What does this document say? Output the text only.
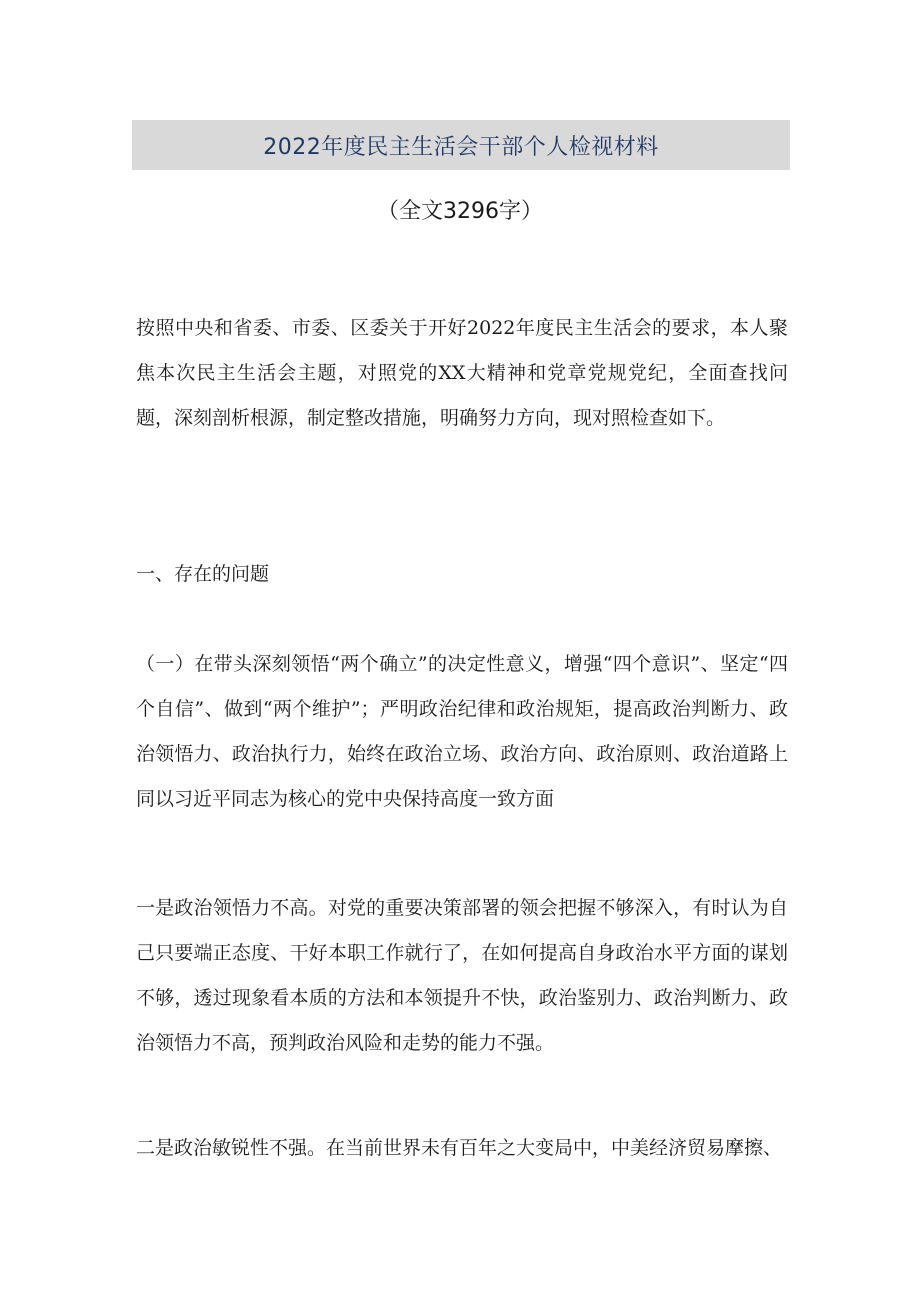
2022年度民主生活会干部个人检视材料
（全文3296字）
按照中央和省委、市委、区委关于开好2022年度民主生活会的要求，本人聚焦本次民主生活会主题，对照党的XX大精神和党章党规党纪，全面查找问题，深刻剖析根源，制定整改措施，明确努力方向，现对照检查如下。
一、存在的问题
（一）在带头深刻领悟“两个确立”的决定性意义，增强“四个意识”、坚定“四个自信”、做到“两个维护”；严明政治纪律和政治规矩，提高政治判断力、政治领悟力、政治执行力，始终在政治立场、政治方向、政治原则、政治道路上同以习近平同志为核心的党中央保持高度一致方面
一是政治领悟力不高。对党的重要决策部署的领会把握不够深入，有时认为自己只要端正态度、干好本职工作就行了，在如何提高自身政治水平方面的谋划不够，透过现象看本质的方法和本领提升不快，政治鉴别力、政治判断力、政治领悟力不高，预判政治风险和走势的能力不强。
二是政治敏锐性不强。在当前世界未有百年之大变局中，中美经济贸易摩擦、
